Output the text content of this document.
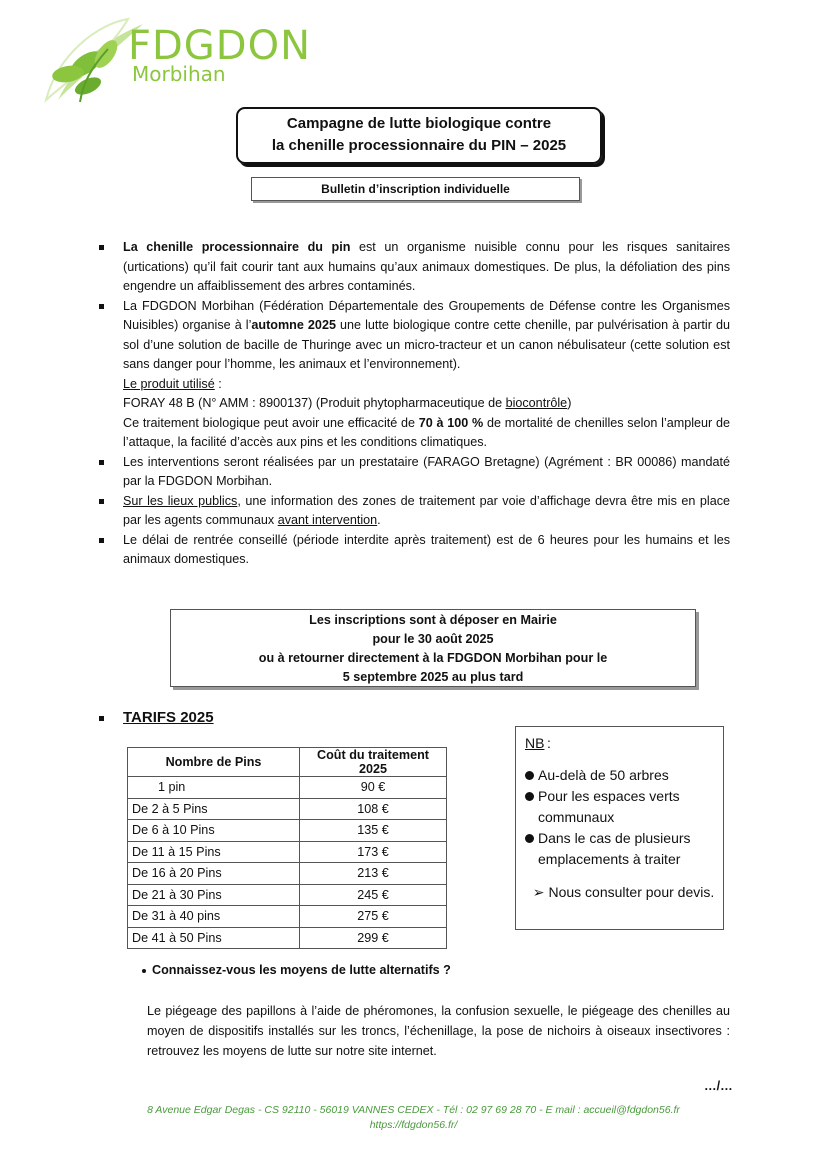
FDGDON
Morbihan
Campagne de lutte biologique contre
la chenille processionnaire du PIN – 2025
Bulletin d’inscription individuelle

La chenille processionnaire du pin est un organisme nuisible connu pour les risques sanitaires (urtications) qu’il fait courir tant aux humains qu’aux animaux domestiques. De plus, la défoliation des pins engendre un affaiblissement des arbres contaminés.

La FDGDON Morbihan (Fédération Départementale des Groupements de Défense contre les Organismes Nuisibles) organise à l’automne 2025 une lutte biologique contre cette chenille, par pulvérisation à partir du sol d’une solution de bacille de Thuringe avec un micro-tracteur et un canon nébulisateur (cette solution est sans danger pour l’homme, les animaux et l’environnement).

Le produit utilisé :

FORAY 48 B (N° AMM : 8900137) (Produit phytopharmaceutique de biocontrôle)

Ce traitement biologique peut avoir une efficacité de 70 à 100 % de mortalité de chenilles selon l’ampleur de l’attaque, la facilité d’accès aux pins et les conditions climatiques.

Les interventions seront réalisées par un prestataire (FARAGO Bretagne) (Agrément : BR 00086) mandaté par la FDGDON Morbihan.

Sur les lieux publics, une information des zones de traitement par voie d’affichage devra être mis en place par les agents communaux avant intervention.

Le délai de rentrée conseillé (période interdite après traitement) est de 6 heures pour les humains et les animaux domestiques.

Les inscriptions sont à déposer en Mairie
pour le 30 août 2025
ou à retourner directement à la FDGDON Morbihan pour le
5 septembre 2025 au plus tard
TARIFS 2025
Nombre de Pins	Coût du traitement 2025
1 pin	90 €
De 2 à 5 Pins	108 €
De 6 à 10 Pins	135 €
De 11 à 15 Pins	173 €
De 16 à 20 Pins	213 €
De 21 à 30 Pins	245 €
De 31 à 40 pins	275 €
De 41 à 50 Pins	299 €
NB :
Au-delà de 50 arbres
Pour les espaces verts communaux
Dans le cas de plusieurs emplacements à traiter
➢ Nous consulter pour devis.
Connaissez-vous les moyens de lutte alternatifs ?

Le piégeage des papillons à l’aide de phéromones, la confusion sexuelle, le piégeage des chenilles au moyen de dispositifs installés sur les troncs, l’échenillage, la pose de nichoirs à oiseaux insectivores : retrouvez les moyens de lutte sur notre site internet.

…/…
8 Avenue Edgar Degas - CS 92110 - 56019 VANNES CEDEX - Tél : 02 97 69 28 70 - E mail : accueil@fdgdon56.fr
https://fdgdon56.fr/
